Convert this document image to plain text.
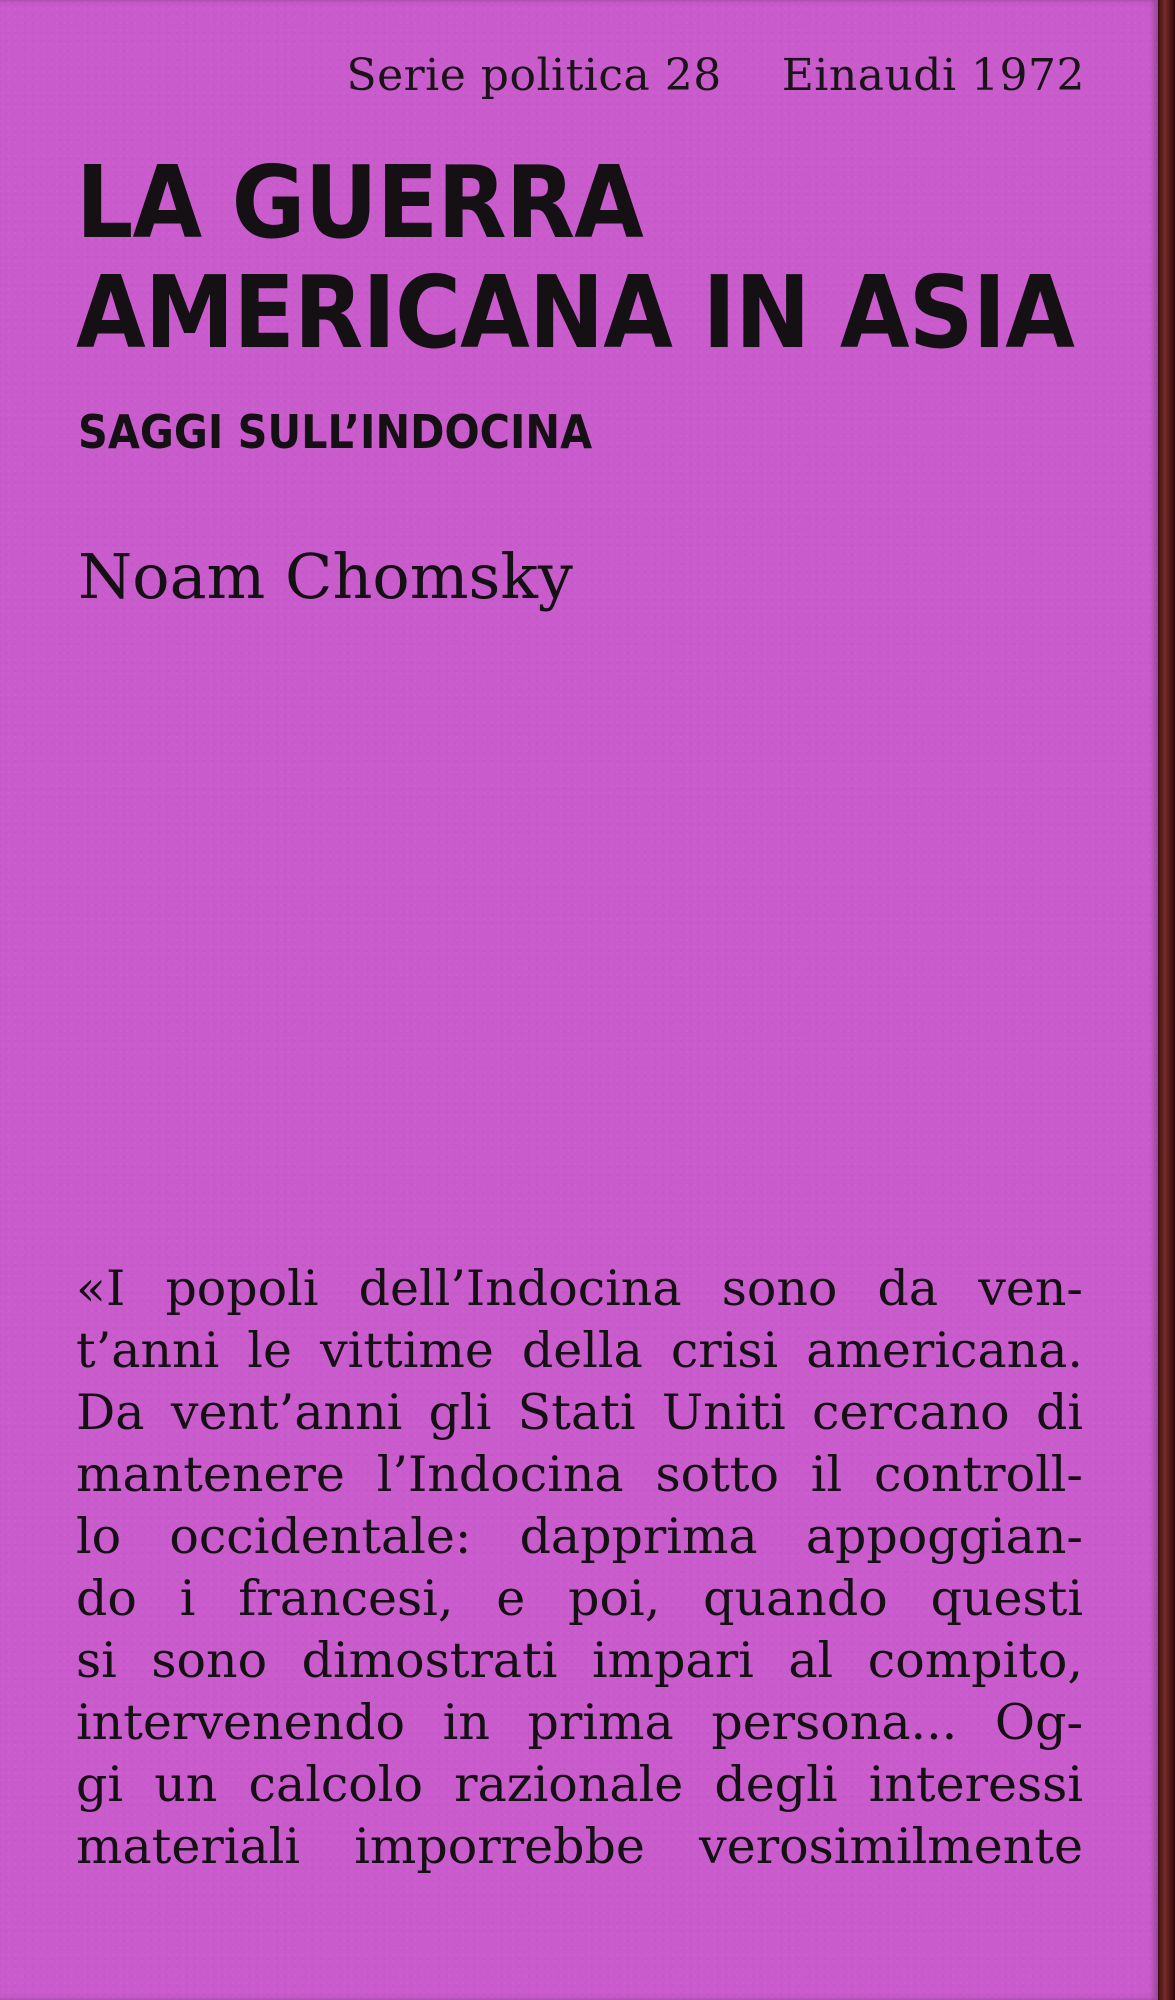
Serie politica 28 Einaudi 1972
LA GUERRA
AMERICANA IN ASIA
SAGGI SULL’INDOCINA
Noam Chomsky
«I popoli dell’Indocina sono da ven-
t’anni le vittime della crisi americana.
Da vent’anni gli Stati Uniti cercano di
mantenere l’Indocina sotto il controll-
lo occidentale: dapprima appoggian-
do i francesi, e poi, quando questi
si sono dimostrati impari al compito,
intervenendo in prima persona... Og-
gi un calcolo razionale degli interessi
materiali imporrebbe verosimilmente
